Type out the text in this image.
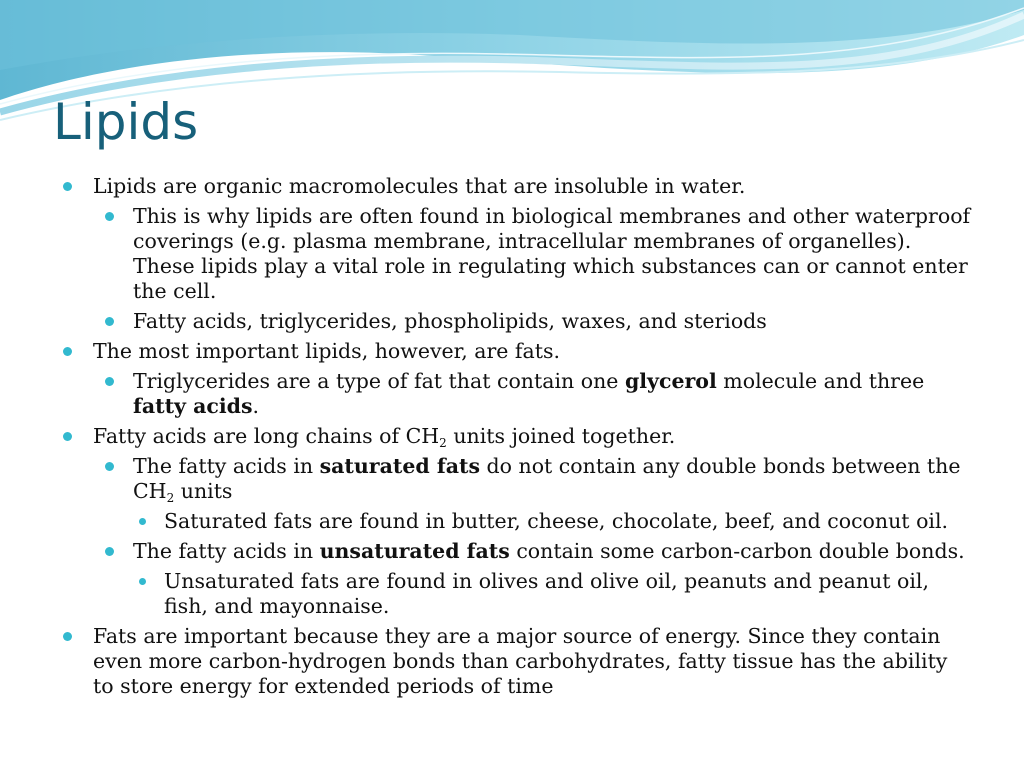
Lipids
Lipids are organic macromolecules that are insoluble in water.
This is why lipids are often found in biological membranes and other waterproof coverings (e.g. plasma membrane, intracellular membranes of organelles). These lipids play a vital role in regulating which substances can or cannot enter the cell.
Fatty acids, triglycerides, phospholipids, waxes, and steriods
The most important lipids, however, are fats.
Triglycerides are a type of fat that contain one glycerol molecule and three fatty acids.
Fatty acids are long chains of $CH_2$ units joined together.
The fatty acids in saturated fats do not contain any double bonds between the $CH_2$ units
Saturated fats are found in butter, cheese, chocolate, beef, and coconut oil.
The fatty acids in unsaturated fats contain some carbon-carbon double bonds.
Unsaturated fats are found in olives and olive oil, peanuts and peanut oil, fish, and mayonnaise.
Fats are important because they are a major source of energy. Since they contain even more carbon-hydrogen bonds than carbohydrates, fatty tissue has the ability to store energy for extended periods of time
